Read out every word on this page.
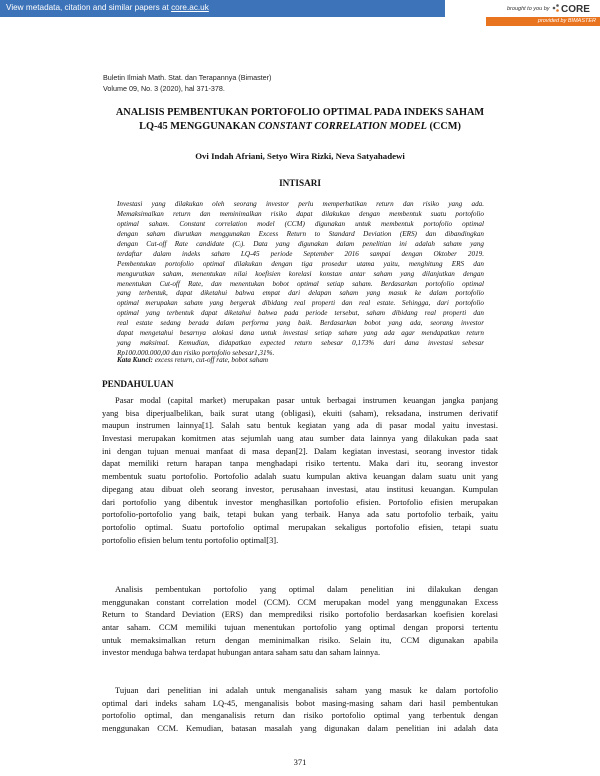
View metadata, citation and similar papers at core.ac.uk	brought to you by CORE
provided by BIMASTER
Buletin Ilmiah Math. Stat. dan Terapannya (Bimaster)
Volume 09, No. 3 (2020), hal 371-378.
ANALISIS PEMBENTUKAN PORTOFOLIO OPTIMAL PADA INDEKS SAHAM
LQ-45 MENGGUNAKAN CONSTANT CORRELATION MODEL (CCM)
Ovi Indah Afriani, Setyo Wira Rizki, Neva Satyahadewi
INTISARI
Investasi yang dilakukan oleh seorang investor perlu memperhatikan return dan risiko yang ada.
Memaksimalkan return dan meminimalkan risiko dapat dilakukan dengan membentuk suatu portofolio
optimal saham. Constant correlation model (CCM) digunakan untuk membentuk portofolio optimal
dengan saham diurutkan menggunakan Excess Return to Standard Deviation (ERS) dan dibandingkan
dengan Cut-off Rate candidate (Cᵢ). Data yang digunakan dalam penelitian ini adalah saham yang
terdaftar dalam indeks saham LQ-45 periode September 2016 sampai dengan Oktober 2019.
Pembentukan portofolio optimal dilakukan dengan tiga prosedur utama yaitu, menghitung ERS dan
mengurutkan saham, menentukan nilai koefisien korelasi konstan antar saham yang dilanjutkan dengan
menentukan Cut-off Rate, dan menentukan bobot optimal setiap saham. Berdasarkan portofolio optimal
yang terbentuk, dapat diketahui bahwa empat dari delapan saham yang masuk ke dalam portofolio
optimal merupakan saham yang bergerak dibidang real properti dan real estate. Sehingga, dari portofolio
optimal yang terbentuk dapat diketahui bahwa pada periode tersebut, saham dibidang real properti dan
real estate sedang berada dalam performa yang baik. Berdasarkan bobot yang ada, seorang investor
dapat mengetahui besarnya alokasi dana untuk investasi setiap saham yang ada agar mendapatkan return
yang maksimal. Kemudian, didapatkan expected return sebesar 0,173% dari dana investasi sebesar
Rp100.000.000,00 dan risiko portofolio sebesar1,31%.
Kata Kunci: excess return, cut-off rate, bobot saham
PENDAHULUAN
Pasar modal (capital market) merupakan pasar untuk berbagai instrumen keuangan jangka panjang
yang bisa diperjualbelikan, baik surat utang (obligasi), ekuiti (saham), reksadana, instrumen derivatif
maupun instrumen lainnya[1]. Salah satu bentuk kegiatan yang ada di pasar modal yaitu investasi.
Investasi merupakan komitmen atas sejumlah uang atau sumber data lainnya yang dilakukan pada saat
ini dengan tujuan menuai manfaat di masa depan[2]. Dalam kegiatan investasi, seorang investor tidak
dapat memiliki return harapan tanpa menghadapi risiko tertentu. Maka dari itu, seorang investor
membentuk suatu portofolio. Portofolio adalah suatu kumpulan aktiva keuangan dalam suatu unit yang
dipegang atau dibuat oleh seorang investor, perusahaan investasi, atau institusi keuangan. Kumpulan
dari portofolio yang dibentuk investor menghasilkan portofolio efisien. Portofolio efisien merupakan
portofolio-portofolio yang baik, tetapi bukan yang terbaik. Hanya ada satu portofolio terbaik, yaitu
portofolio optimal. Suatu portofolio optimal merupakan sekaligus portofolio efisien, tetapi suatu
portofolio efisien belum tentu portofolio optimal[3].
Analisis pembentukan portofolio yang optimal dalam penelitian ini dilakukan dengan
menggunakan constant correlation model (CCM). CCM merupakan model yang menggunakan Excess
Return to Standard Deviation (ERS) dan memprediksi risiko portofolio berdasarkan koefisien korelasi
antar saham. CCM memiliki tujuan menentukan portofolio yang optimal dengan proporsi tertentu
untuk memaksimalkan return dengan meminimalkan risiko. Selain itu, CCM digunakan apabila
investor menduga bahwa terdapat hubungan antara saham satu dan saham lainnya.
Tujuan dari penelitian ini adalah untuk menganalisis saham yang masuk ke dalam portofolio
optimal dari indeks saham LQ-45, menganalisis bobot masing-masing saham dari hasil pembentukan
portofolio optimal, dan menganalisis return dan risiko portofolio optimal yang terbentuk dengan
menggunakan CCM. Kemudian, batasan masalah yang digunakan dalam penelitian ini adalah data
371
